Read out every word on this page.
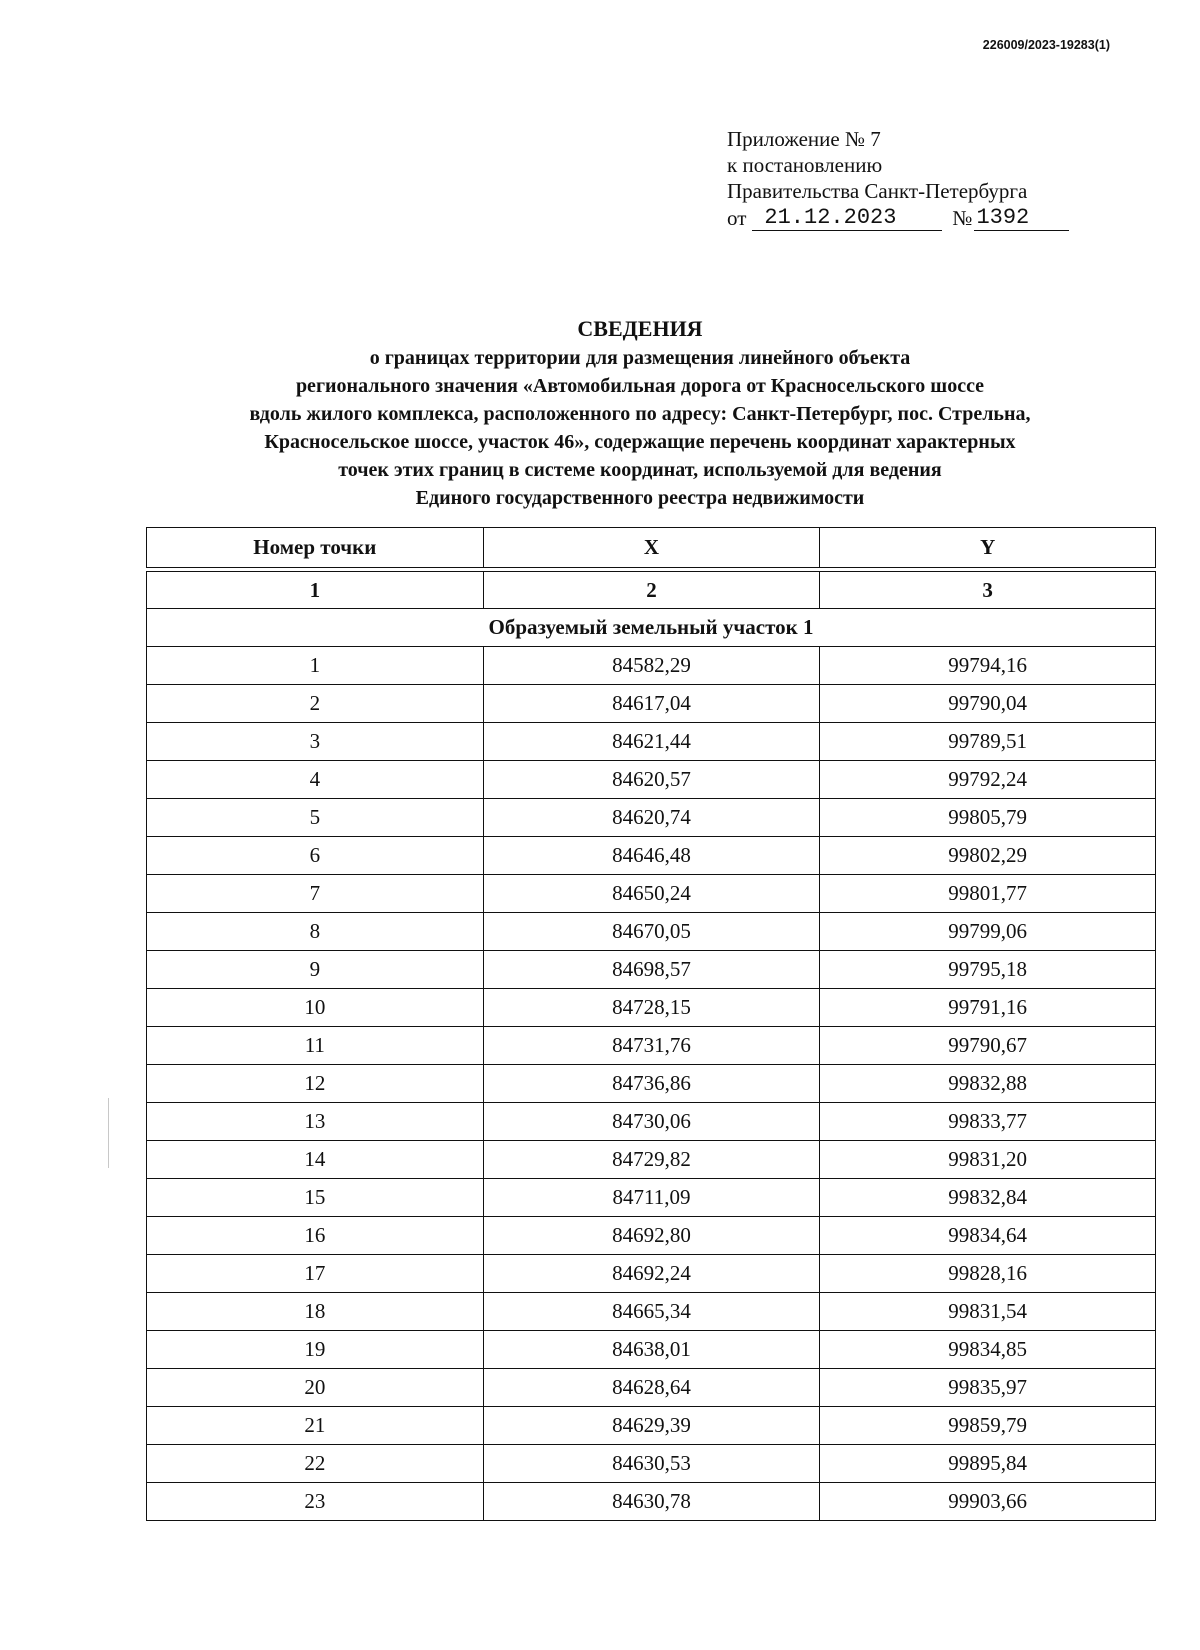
226009/2023-19283(1)
Приложение № 7
к постановлению
Правительства Санкт-Петербурга
от 21.12.2023	№ 1392
СВЕДЕНИЯ
о границах территории для размещения линейного объекта
регионального значения «Автомобильная дорога от Красносельского шоссе
вдоль жилого комплекса, расположенного по адресу: Санкт-Петербург, пос. Стрельна,
Красносельское шоссе, участок 46», содержащие перечень координат характерных
точек этих границ в системе координат, используемой для ведения
Единого государственного реестра недвижимости
Номер точки	X	Y

1	2	3
Образуемый земельный участок 1		
1	84582,29	99794,16
2	84617,04	99790,04
3	84621,44	99789,51
4	84620,57	99792,24
5	84620,74	99805,79
6	84646,48	99802,29
7	84650,24	99801,77
8	84670,05	99799,06
9	84698,57	99795,18
10	84728,15	99791,16
11	84731,76	99790,67
12	84736,86	99832,88
13	84730,06	99833,77
14	84729,82	99831,20
15	84711,09	99832,84
16	84692,80	99834,64
17	84692,24	99828,16
18	84665,34	99831,54
19	84638,01	99834,85
20	84628,64	99835,97
21	84629,39	99859,79
22	84630,53	99895,84
23	84630,78	99903,66
